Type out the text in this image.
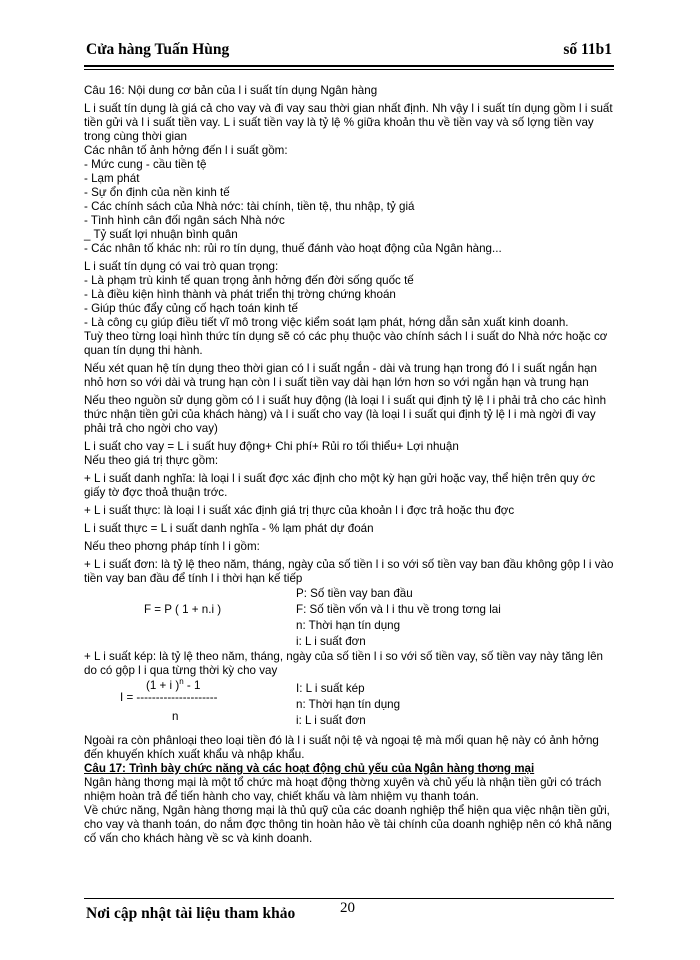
Cửa hàng Tuấn Hùng	số 11b1

Câu 16: Nội dung cơ bản của l i suất tín dụng Ngân hàng

L i suất tín dụng là giá cả cho vay và đi vay sau thời gian nhất định. Nh vậy l i suất tín dụng gồm l i suất tiền gửi và l i suất tiền vay. L i suất tiền vay là tỷ lệ % giữa khoản thu về tiền vay và số lợng tiền vay trong cùng thời gian

Các nhân tố ảnh hởng đến l i suất gồm:

- Mức cung - cầu tiền tệ

- Lạm phát

- Sự ổn định của nền kinh tế

- Các chính sách của Nhà nớc: tài chính, tiền tệ, thu nhập, tỷ giá

- Tình hình cân đối ngân sách Nhà nớc

_ Tỷ suất lợi nhuận bình quân

- Các nhân tố khác nh: rủi ro tín dụng, thuế đánh vào hoạt động của Ngân hàng...

L i suất tín dụng có vai trò quan trọng:

- Là phạm trù kinh tế quan trọng ảnh hởng đến đời sống quốc tế

- Là điều kiện hình thành và phát triển thị trờng chứng khoán

- Giúp thúc đẩy củng cố hạch toán kinh tế

- Là công cụ giúp điều tiết vĩ mô trong việc kiểm soát lạm phát, hớng dẫn sản xuất kinh doanh.

Tuỳ theo từng loại hình thức tín dụng sẽ có các phụ thuộc vào chính sách l i suất do Nhà nớc hoặc cơ quan tín dụng thi hành.

Nếu xét quan hệ tín dụng theo thời gian có l i suất ngắn - dài và trung hạn trong đó l i suất ngắn hạn nhỏ hơn so với dài và trung hạn còn l i suất tiền vay dài hạn lớn hơn so với ngắn hạn và trung hạn

Nếu theo nguồn sử dụng gồm có l i suất huy động (là loại l i suất qui định tỷ lệ l i phải trả cho các hình thức nhận tiền gửi của khách hàng) và l i suất cho vay (là loại l i suất qui định tỷ lệ l i mà ngời đi vay phải trả cho ngời cho vay)

L i suất cho vay = L i suất huy động+ Chi phí+ Rủi ro tối thiểu+ Lợi nhuận

Nếu theo giá trị thực gồm:

+ L i suất danh nghĩa: là loại l i suất đợc xác định cho một kỳ hạn gửi hoặc vay, thể hiện trên quy ớc giấy tờ đợc thoả thuận trớc.

+ L i suất thực: là loại l i suất xác định giá trị thực của khoản l i đợc trả hoặc thu đợc

L i suất thực = L i suất danh nghĩa - % lạm phát dự đoán

Nếu theo phơng pháp tính l i gồm:

+ L i suất đơn: là tỷ lệ theo năm, tháng, ngày của số tiền l i so với số tiền vay ban đầu không gộp l i vào tiền vay ban đầu để tính l i thời hạn kế tiếp

F = P ( 1 + n.i )
P: Số tiền vay ban đầu
F: Số tiền vốn và l i thu về trong tơng lai
n: Thời hạn tín dụng
i: L i suất đơn

+ L i suất kép: là tỷ lệ theo năm, tháng, ngày của số tiền l i so với số tiền vay, số tiền vay này tăng lên do có gộp l i qua từng thời kỳ cho vay

(1 + i )$^n$ - 1
I = ---------------------
n
I: L i suất kép
n: Thời hạn tín dụng
i: L i suất đơn

Ngoài ra còn phânloại theo loại tiền đó là l i suất nội tệ và ngoại tệ mà mối quan hệ này có ảnh hởng đến khuyến khích xuất khẩu và nhập khẩu.

Câu 17: Trình bày chức năng và các hoạt động chủ yếu của Ngân hàng thơng mại

Ngân hàng thơng mại là một tổ chức mà hoạt động thờng xuyên và chủ yếu là nhận tiền gửi có trách nhiệm hoàn trả để tiến hành cho vay, chiết khấu và làm nhiệm vụ thanh toán.

Về chức năng, Ngân hàng thơng mại là thủ quỹ của các doanh nghiệp thể hiện qua việc nhận tiền gửi, cho vay và thanh toán, do nắm đợc thông tin hoàn hảo về tài chính của doanh nghiệp nên có khả năng cố vấn cho khách hàng về sc và kinh doanh.

Nơi cập nhật tài liệu tham khảo	20
